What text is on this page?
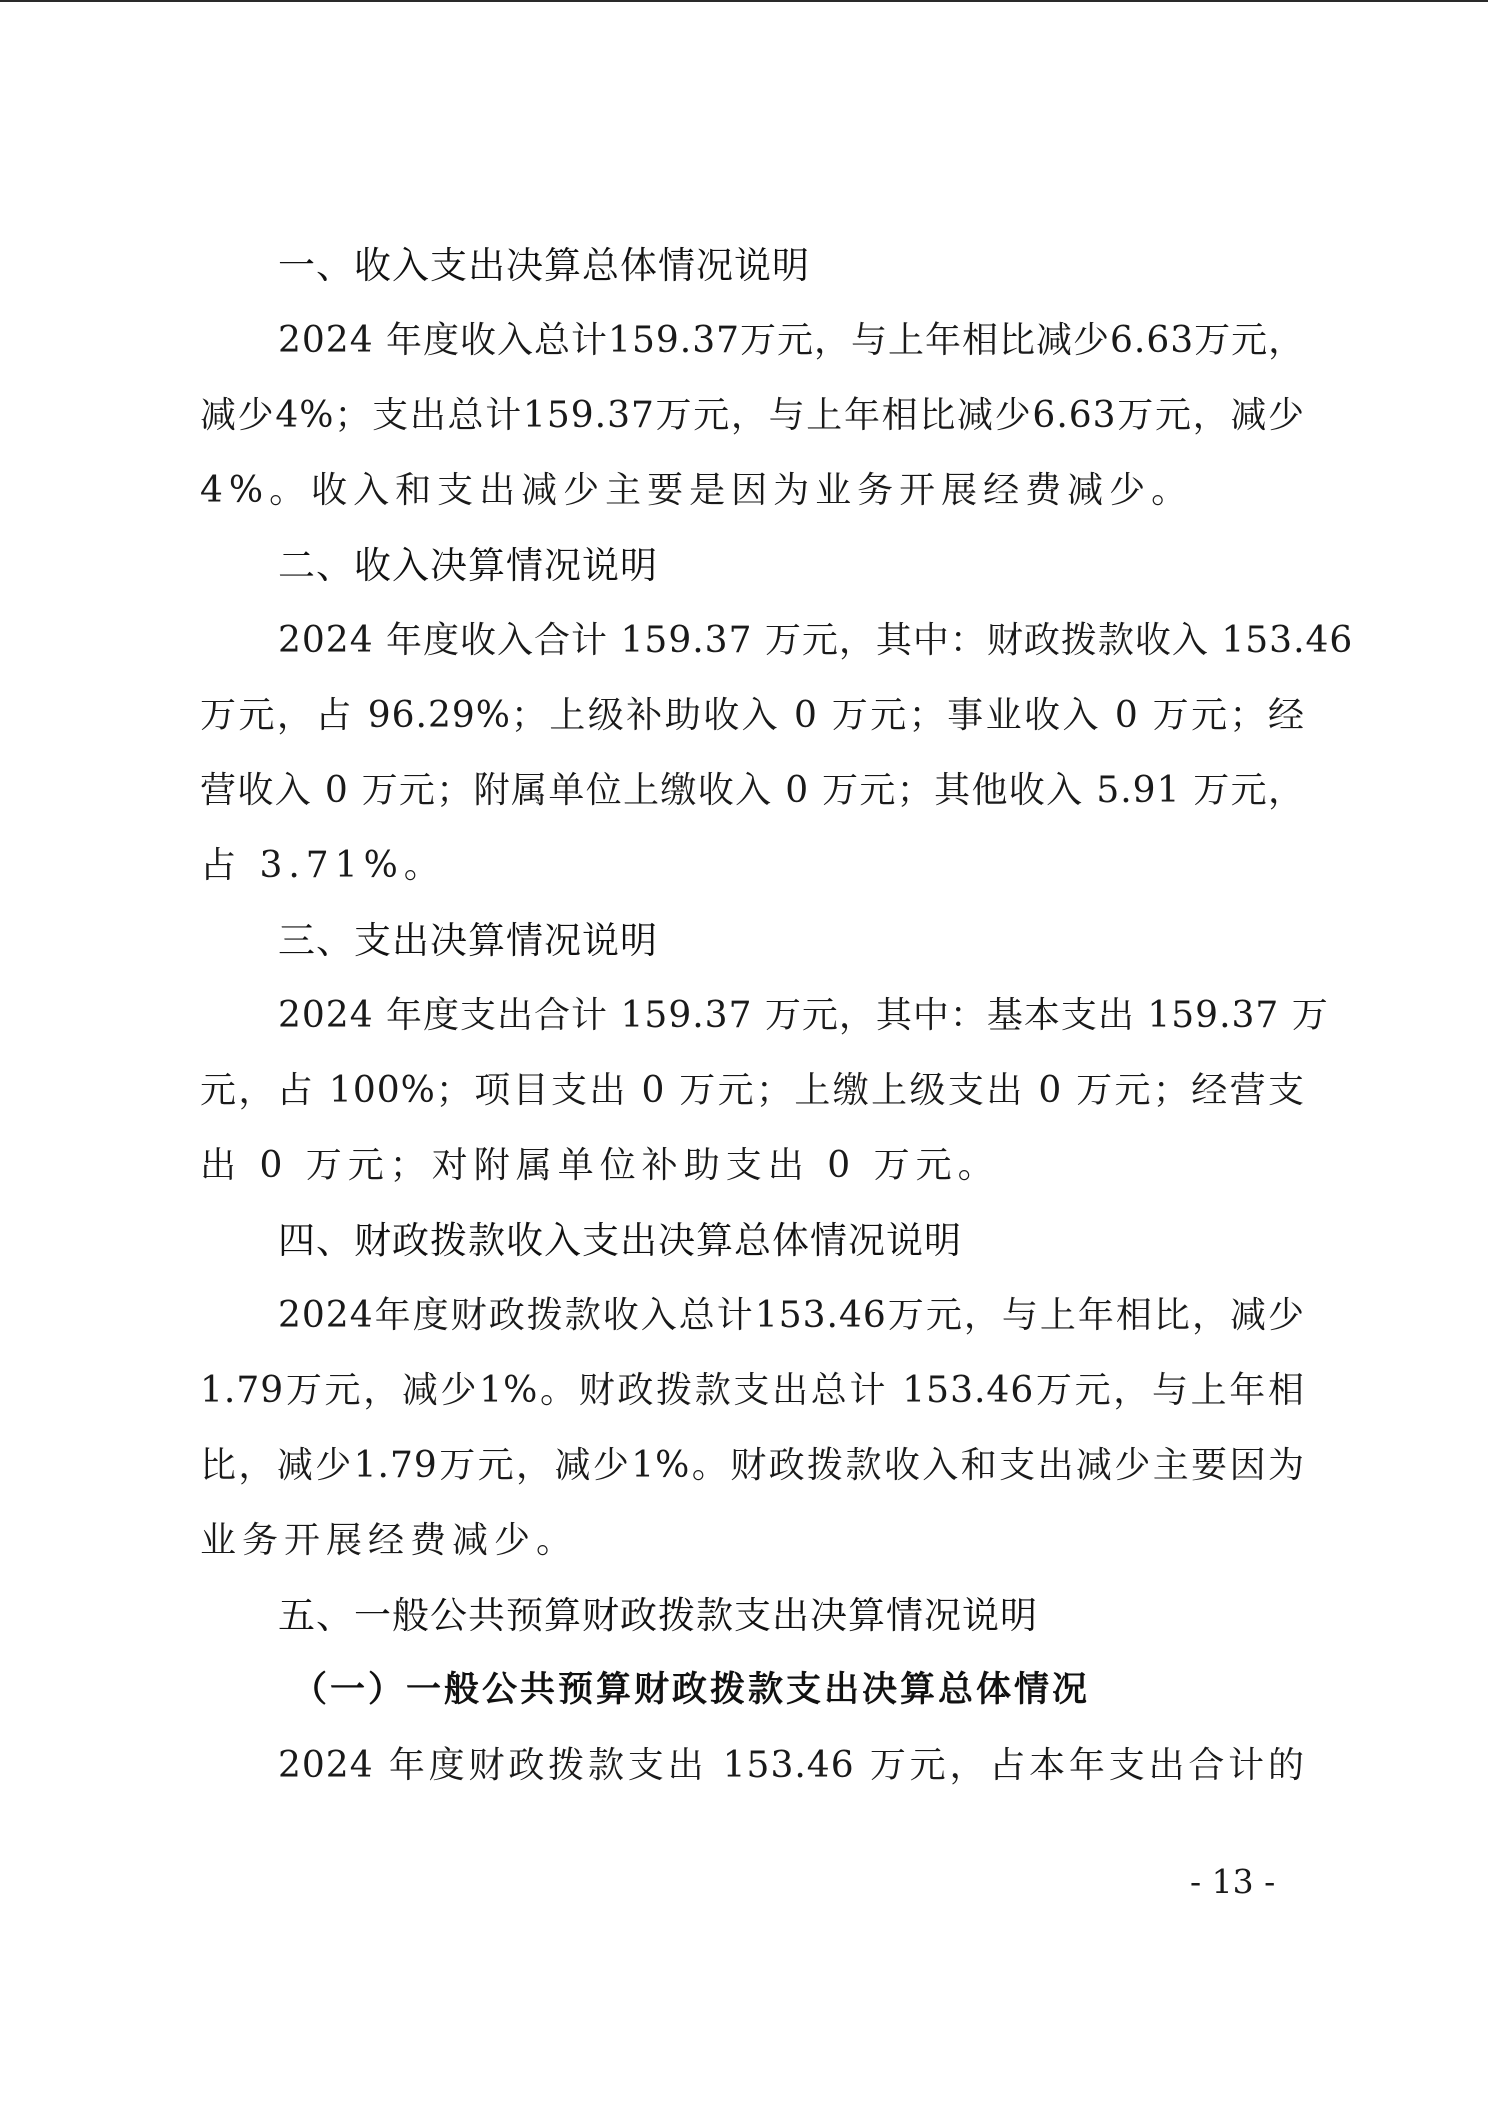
一、收入支出决算总体情况说明
2024 年度收入总计159.37万元，与上年相比减少6.63万元，
减少4%；支出总计159.37万元，与上年相比减少6.63万元，减少
4%。收入和支出减少主要是因为业务开展经费减少。
二、收入决算情况说明
2024 年度收入合计 159.37 万元，其中：财政拨款收入 153.46
万元，占 96.29%；上级补助收入 0 万元；事业收入 0 万元；经
营收入 0 万元；附属单位上缴收入 0 万元；其他收入 5.91 万元，
占 3.71%。
三、支出决算情况说明
2024 年度支出合计 159.37 万元，其中：基本支出 159.37 万
元，占 100%；项目支出 0 万元；上缴上级支出 0 万元；经营支
出 0 万元；对附属单位补助支出 0 万元。
四、财政拨款收入支出决算总体情况说明
2024年度财政拨款收入总计153.46万元，与上年相比，减少
1.79万元，减少1%。财政拨款支出总计 153.46万元，与上年相
比，减少1.79万元，减少1%。财政拨款收入和支出减少主要因为
业务开展经费减少。
五、一般公共预算财政拨款支出决算情况说明
（一）一般公共预算财政拨款支出决算总体情况
2024 年度财政拨款支出 153.46 万元，占本年支出合计的
- 13 -
